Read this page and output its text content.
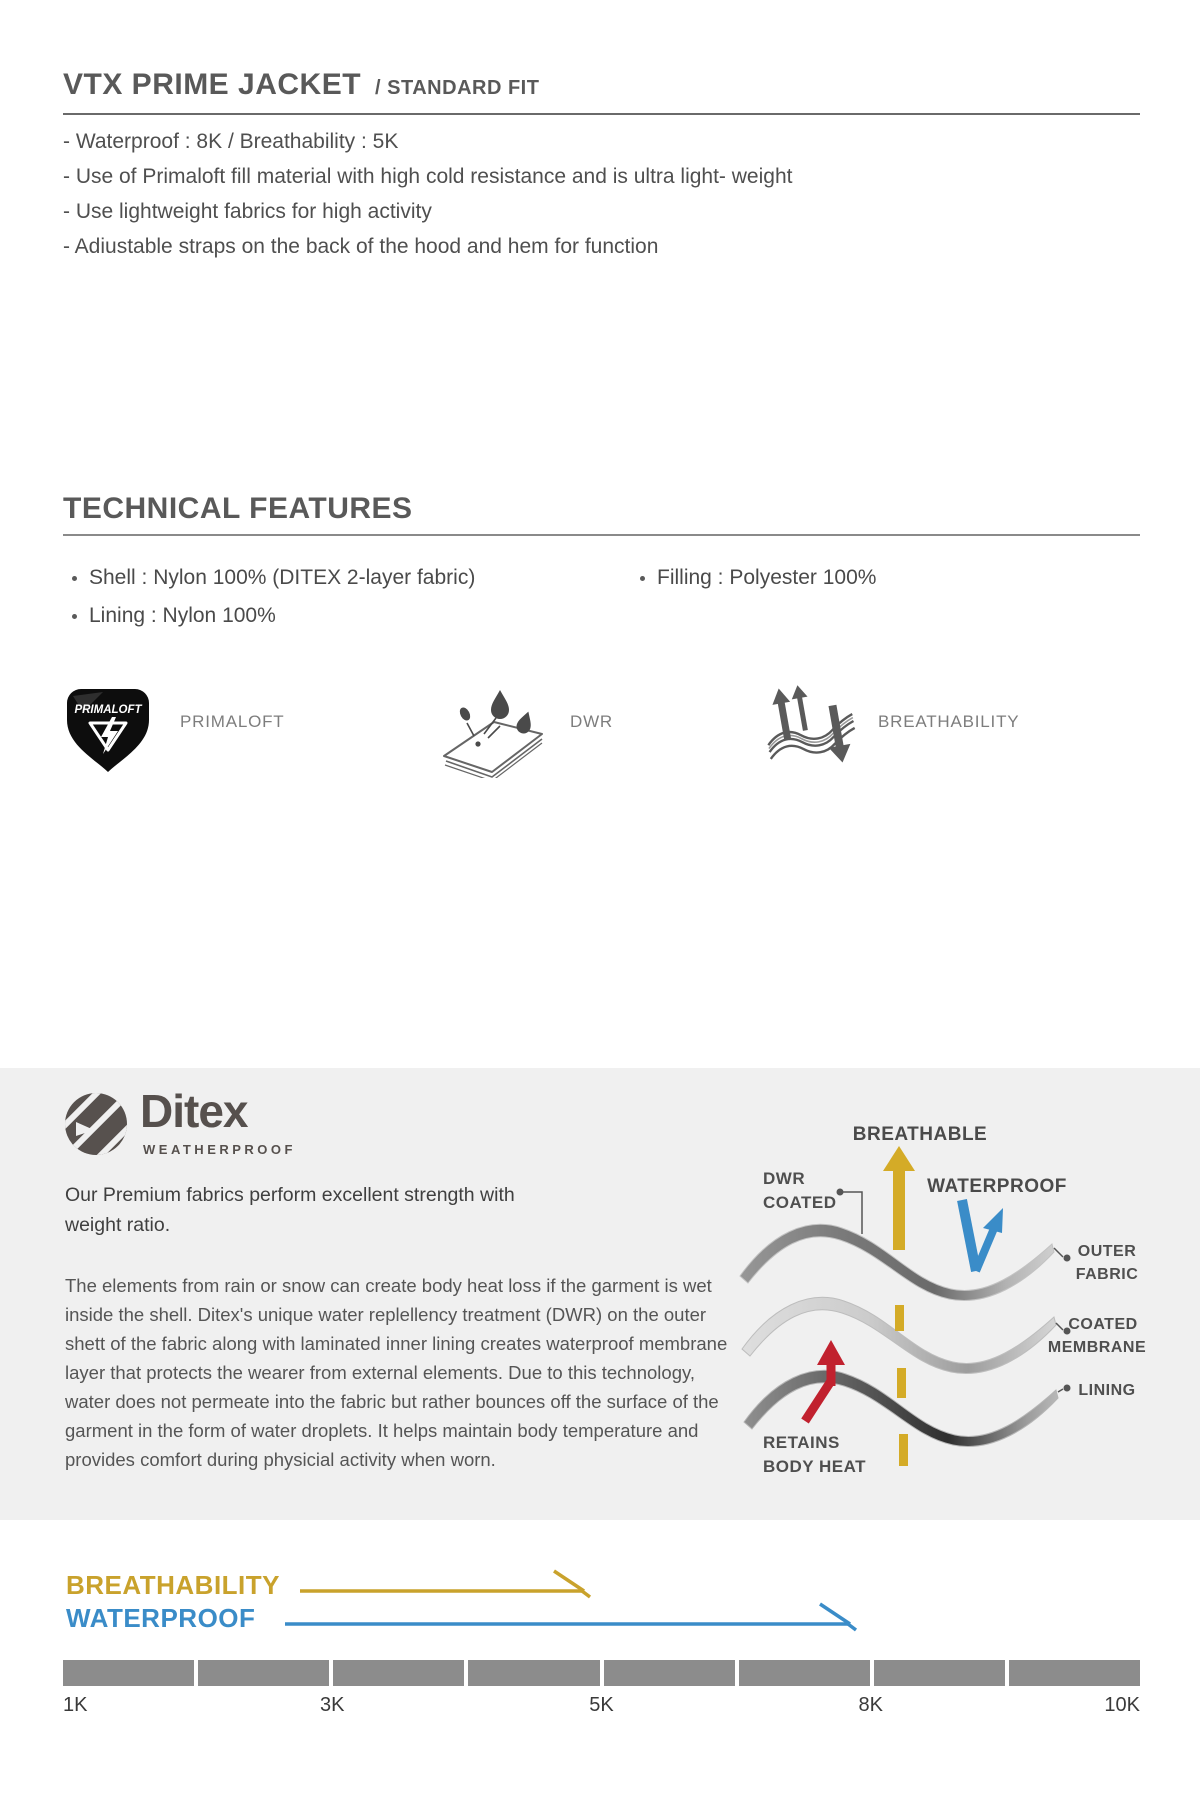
VTX PRIME JACKET / STANDARD FIT
- Waterproof : 8K / Breathability : 5K
- Use of Primaloft fill material with high cold resistance and is ultra light- weight
- Use lightweight fabrics for high activity
- Adiustable straps on the back of the hood and hem for function
TECHNICAL FEATURES
Shell : Nylon 100% (DITEX 2-layer fabric)	Filling : Polyester 100%
Lining : Nylon 100%
PRIMALOFT
PRIMALOFT	DWR	BREATHABILITY
Ditex
WEATHERPROOF
Our Premium fabrics perform excellent strength with weight ratio.
The elements from rain or snow can create body heat loss if the garment is wet inside the shell. Ditex's unique water replellency treatment (DWR) on the outer shett of the fabric along with laminated inner lining creates waterproof membrane layer that protects the wearer from external elements. Due to this technology, water does not permeate into the fabric but rather bounces off the surface of the garment in the form of water droplets. It helps maintain body temperature and provides comfort during physicial activity when worn.
BREATHABLE
DWR
COATED
WATERPROOF
RETAINS
BODY HEAT
OUTER
FABRIC
COATED
MEMBRANE
LINING
BREATHABILITY
WATERPROOF
1K	3K	5K	8K	10K
